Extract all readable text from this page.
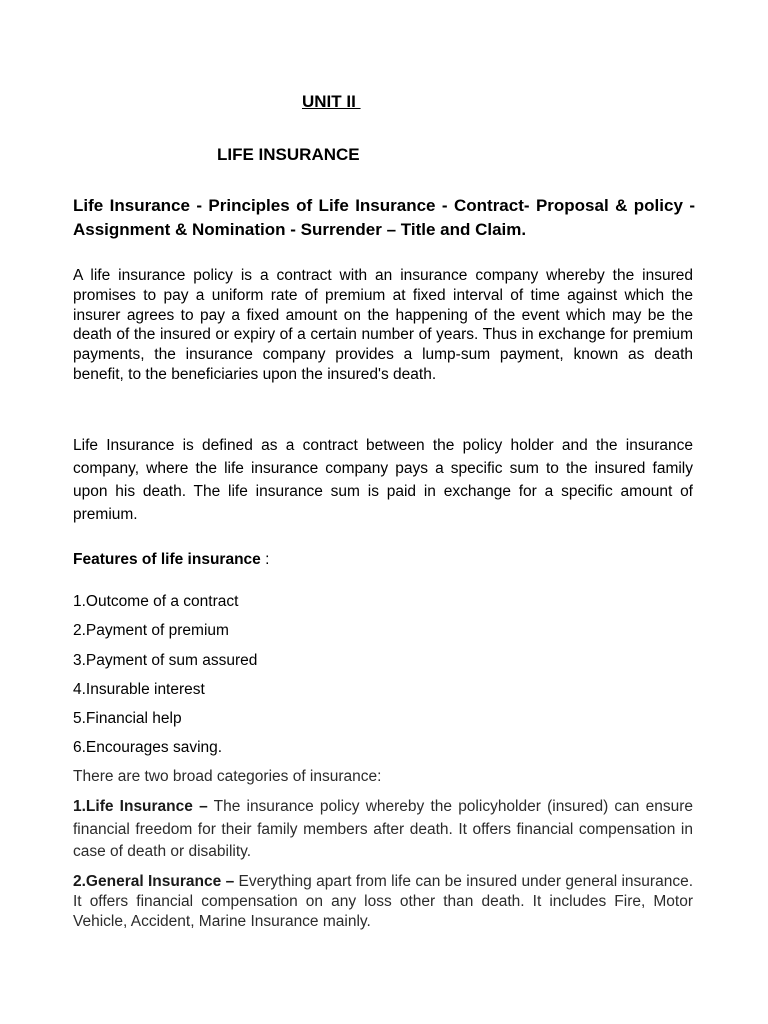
UNIT II
LIFE INSURANCE
Life Insurance - Principles of Life Insurance - Contract- Proposal & policy - Assignment & Nomination - Surrender – Title and Claim.
A life insurance policy is a contract with an insurance company whereby the insured promises to pay a uniform rate of premium at fixed interval of time against which the insurer agrees to pay a fixed amount on the happening of the event which may be the death of the insured or expiry of a certain number of years. Thus in exchange for premium payments, the insurance company provides a lump-sum payment, known as death benefit, to the beneficiaries upon the insured's death.
Life Insurance is defined as a contract between the policy holder and the insurance company, where the life insurance company pays a specific sum to the insured family upon his death. The life insurance sum is paid in exchange for a specific amount of premium.
Features of life insurance :
1.Outcome of a contract
2.Payment of premium
3.Payment of sum assured
4.Insurable interest
5.Financial help
6.Encourages saving.
There are two broad categories of insurance:
1.Life Insurance – The insurance policy whereby the policyholder (insured) can ensure financial freedom for their family members after death. It offers financial compensation in case of death or disability.
2.General Insurance – Everything apart from life can be insured under general insurance. It offers financial compensation on any loss other than death. It includes Fire, Motor Vehicle, Accident, Marine Insurance mainly.
